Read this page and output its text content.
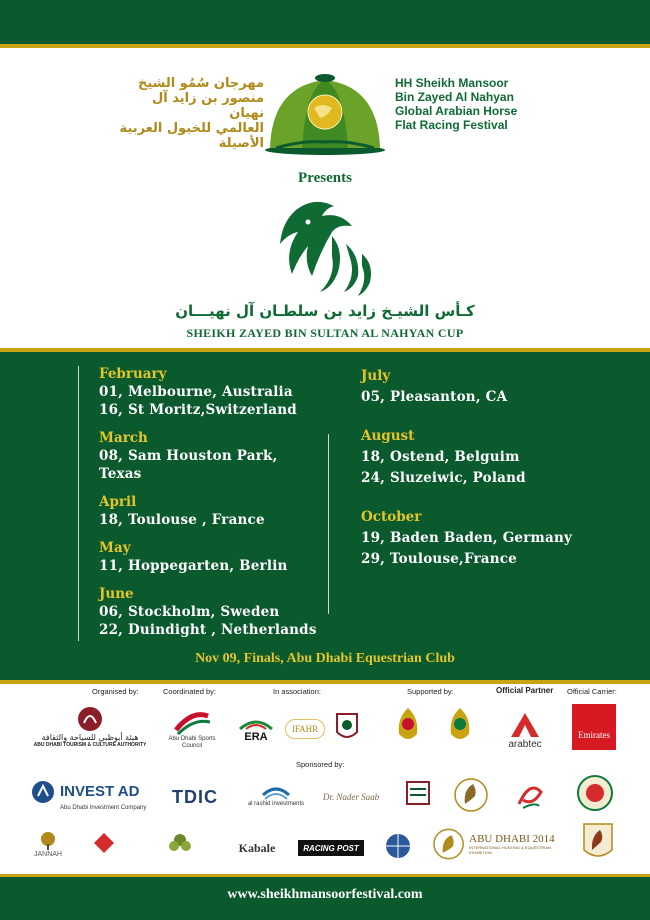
مهرجان سُمُو الشيخ
منصور بن زايد آل نهيان
العالمي للخيول العربية
الأصيلة
HH Sheikh Mansoor
Bin Zayed Al Nahyan
Global Arabian Horse
Flat Racing Festival
Presents
كـأس الشيـخ زايد بن سلطـان آل نهيـــان
SHEIKH ZAYED BIN SULTAN AL NAHYAN CUP
February
01, Melbourne, Australia
16, St Moritz,Switzerland
March
08, Sam Houston Park, Texas
April
18, Toulouse , France
May
11, Hoppegarten, Berlin
June
06, Stockholm, Sweden
22, Duindight , Netherlands
July
05, Pleasanton, CA
August
18, Ostend, Belguim
24, Sluzeiwic, Poland
October
19, Baden Baden, Germany
29, Toulouse,France
Nov 09, Finals, Abu Dhabi Equestrian Club
Organised by:	Coordinated by:	In association:	Supported by:	Official Partner Official Carrier:
هيئة أبوظبي للسياحة والثقافة
ABU DHABI TOURISM & CULTURE AUTHORITY
Abu Dhabi Sports Council
ERA
IFAHR
arabtec
Emirates
Sponsored by:
INVEST AD
Abu Dhabi Investment Company
TDIC	al rashid investments
Dr. Nader Saab
JANNAH	Kabale	RACING POST
ABU DHABI 2014
INTERNATIONAL HUNTING & EQUESTRIAN EXHIBITION
www.sheikhmansoorfestival.com
